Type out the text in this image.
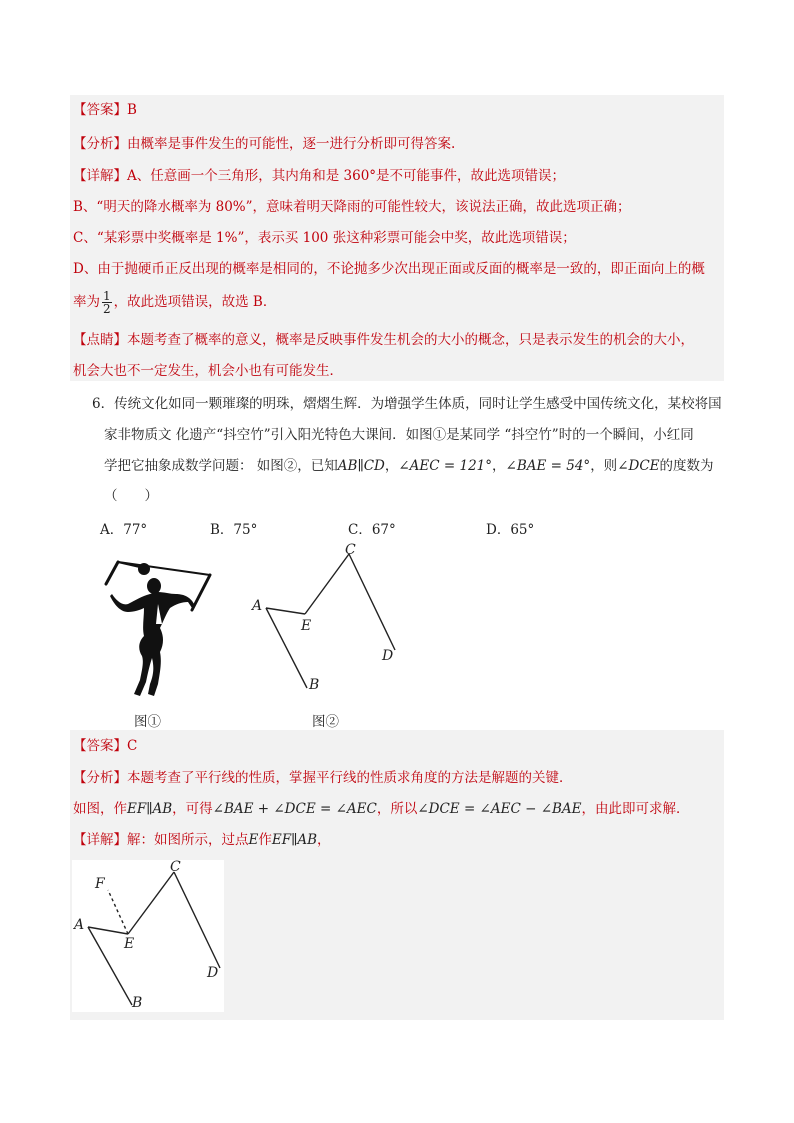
【答案】B
【分析】由概率是事件发生的可能性，逐一进行分析即可得答案.
【详解】A、任意画一个三角形，其内角和是 360°是不可能事件，故此选项错误；
B、“明天的降水概率为 80%”，意味着明天降雨的可能性较大，该说法正确，故此选项正确；
C、“某彩票中奖概率是 1%”，表示买 100 张这种彩票可能会中奖，故此选项错误；
D、由于抛硬币正反出现的概率是相同的，不论抛多少次出现正面或反面的概率是一致的，即正面向上的概
率为 $\frac{1}{2}$ ，故此选项错误，故选 B．
【点睛】本题考查了概率的意义，概率是反映事件发生机会的大小的概念，只是表示发生的机会的大小，
机会大也不一定发生，机会小也有可能发生．
6．传统文化如同一颗璀璨的明珠，熠熠生辉．为增强学生体质，同时让学生感受中国传统文化，某校将国
家非物质文 化遗产“抖空竹”引入阳光特色大课间．如图①是某同学 “抖空竹”时的一个瞬间，小红同
学把它抽象成数学问题： 如图②，已知AB∥CD，∠AEC = 121°，∠BAE = 54°，则∠DCE的度数为
（　　）
A．77°	B．75°	C．67°	D．65°
图①
A
E
C
D
B
图②
【答案】C
【分析】本题考查了平行线的性质，掌握平行线的性质求角度的方法是解题的关键．
如图，作EF∥AB，可得∠BAE + ∠DCE = ∠AEC，所以∠DCE = ∠AEC − ∠BAE，由此即可求解．
【详解】解：如图所示，过点E作EF∥AB，
F
A
E
C
D
B
